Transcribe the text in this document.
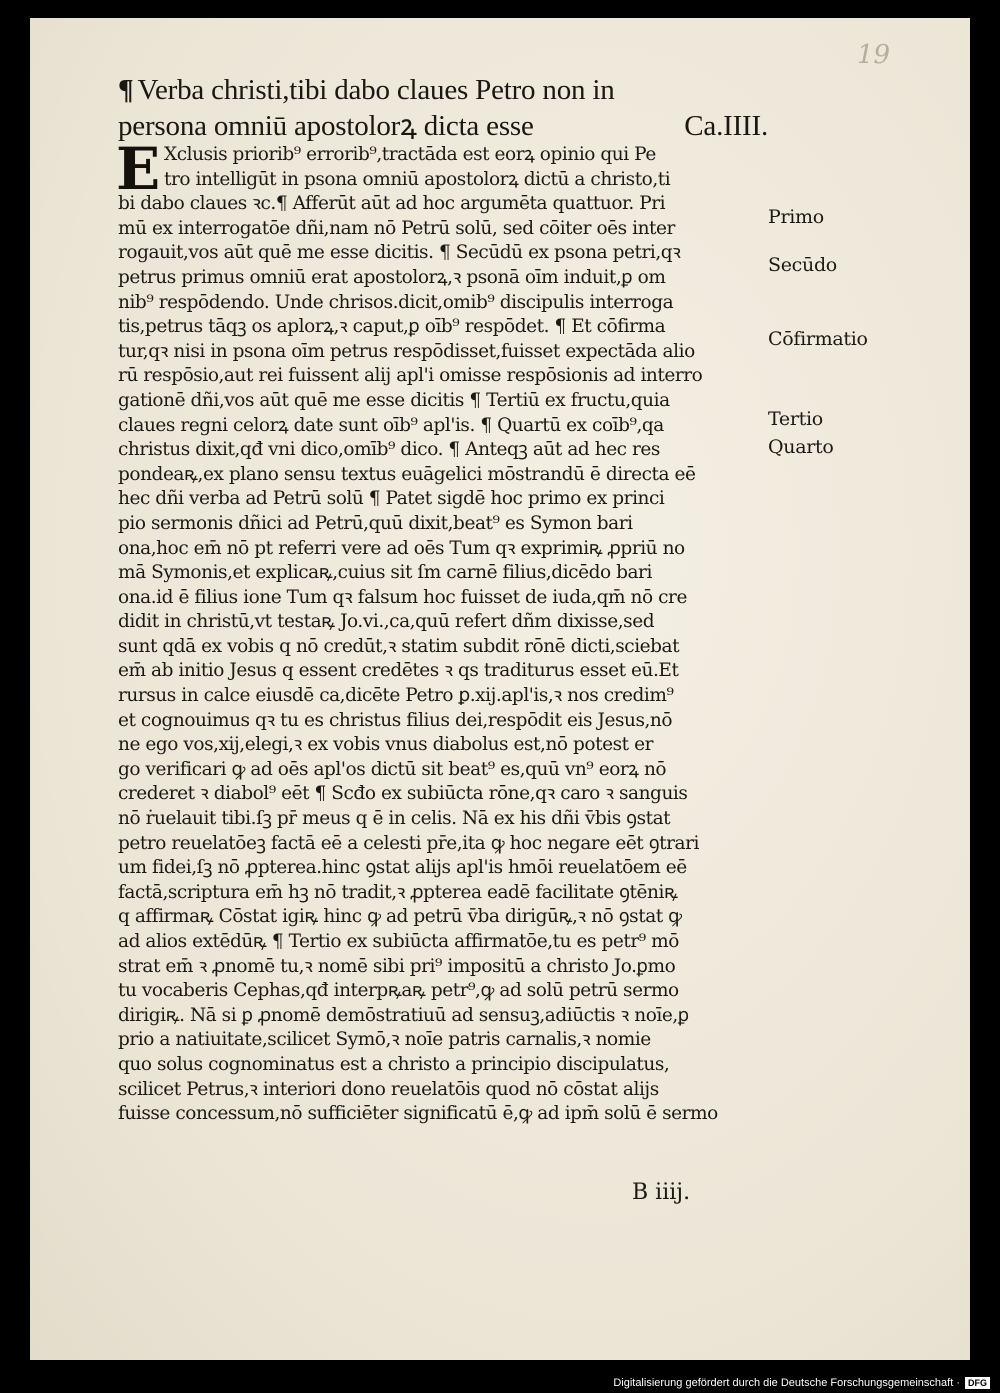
19
¶ Verba christi,tibi dabo claues Petro non in
persona omniū apostolorꝝ dicta esse	Ca.IIII.
E Xclusis priorib⁹ errorib⁹,tractāda est eorꝝ opinio qui Pe
tro intelligūt in psona omniū apostolorꝝ dictū a christo,ti
bi dabo claues ꝛc.¶ Afferūt aūt ad hoc argumēta quattuor. Pri
mū ex interrogatōe dñi,nam nō Petrū solū, sed cōiter oēs inter
rogauit,vos aūt quē me esse dicitis. ¶ Secūdū ex psona petri,qꝛ
petrus primus omniū erat apostolorꝝ,ꝛ psonā oīm induit,ꝑ om
nib⁹ respōdendo. Unde chrisos.dicit,omib⁹ discipulis interroga
tis,petrus tāqꝫ os aplorꝝ,ꝛ caput,ꝑ oīb⁹ respōdet. ¶ Et cōfirma
tur,qꝛ nisi in psona oīm petrus respōdisset,fuisset expectāda alio
rū respōsio,aut rei fuissent alij apl'i omisse respōsionis ad interro
gationē dñi,vos aūt quē me esse dicitis ¶ Tertiū ex fructu,quia
claues regni celorꝝ date sunt oīb⁹ apl'is. ¶ Quartū ex coīb⁹,qa
christus dixit,qđ vni dico,omīb⁹ dico. ¶ Anteqꝫ aūt ad hec res
pondeaꝶ,ex plano sensu textus euāgelici mōstrandū ē directa eē
hec dñi verba ad Petrū solū ¶ Patet sigdē hoc primo ex princi
pio sermonis dñici ad Petrū,quū dixit,beat⁹ es Symon bari
ona,hoc em̄ nō pt referri vere ad oēs Tum qꝛ exprimiꝶ ꝓpriū no
mā Symonis,et explicaꝶ,cuius sit ſm carnē filius,dicēdo bari
ona.id ē filius ione Tum qꝛ falsum hoc fuisset de iuda,qm̄ nō cre
didit in christū,vt testaꝶ Jo.vi.,ca,quū refert dñm dixisse,sed
sunt qdā ex vobis q nō credūt,ꝛ statim subdit rōnē dicti,sciebat
em̄ ab initio Jesus q essent credētes ꝛ qs traditurus esset eū.Et
rursus in calce eiusdē ca,dicēte Petro ꝑ.xij.apl'is,ꝛ nos credim⁹
et cognouimus qꝛ tu es christus filius dei,respōdit eis Jesus,nō
ne ego vos,xij,elegi,ꝛ ex vobis vnus diabolus est,nō potest er
go verificari ꝙ ad oēs apl'os dictū sit beat⁹ es,quū vn⁹ eorꝝ nō
crederet ꝛ diabol⁹ eēt ¶ Scđo ex subiūcta rōne,qꝛ caro ꝛ sanguis
nō ṙuelauit tibi.ſꝫ pr̄ meus q ē in celis. Nā ex his dñi v̄bis ꝯstat
petro reuelatōeꝫ factā eē a celesti pr̄e,ita ꝙ hoc negare eēt ꝯtrari
um fidei,ſꝫ nō ꝓpterea.hinc ꝯstat alijs apl'is hmōi reuelatōem eē
factā,scriptura em̄ hꝫ nō tradit,ꝛ ꝓpterea eadē facilitate ꝯtēniꝶ
q affirmaꝶ Cōstat igiꝶ hinc ꝙ ad petrū v̄ba dirigūꝶ,ꝛ nō ꝯstat ꝙ
ad alios extēdūꝶ ¶ Tertio ex subiūcta affirmatōe,tu es petr⁹ mō
strat em̄ ꝛ ꝓnomē tu,ꝛ nomē sibi pri⁹ impositū a christo Jo.ꝑmo
tu vocaberis Cephas,qđ interpꝶaꝶ petr⁹,ꝙ ad solū petrū sermo
dirigiꝶ. Nā si ꝑ ꝓnomē demōstratiuū ad sensuꝫ,adiūctis ꝛ noīe,ꝑ
prio a natiuitate,scilicet Symō,ꝛ noīe patris carnalis,ꝛ nomie
quo solus cognominatus est a christo a principio discipulatus,
scilicet Petrus,ꝛ interiori dono reuelatōis quod nō cōstat alijs
fuisse concessum,nō sufficiēter significatū ē,ꝙ ad ipm̄ solū ē sermo
Primo
Secūdo
Cōfirmatio
Tertio
Quarto
B iiij.
Digitalisierung gefördert durch die Deutsche Forschungsgemeinschaft · DFG
